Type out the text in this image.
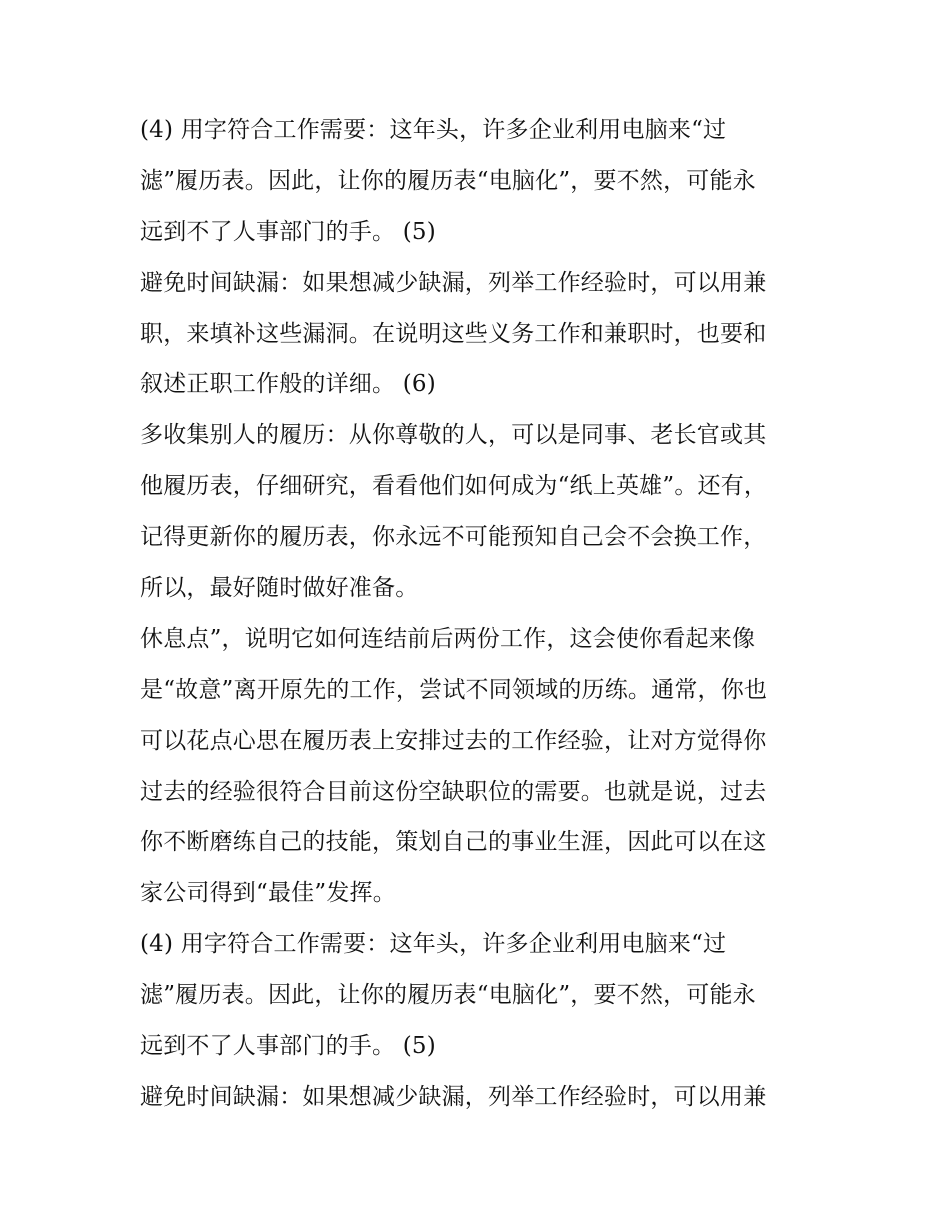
(4) 用字符合工作需要：这年头，许多企业利用电脑来“过
滤”履历表。因此，让你的履历表“电脑化”，要不然，可能永
远到不了人事部门的手。 (5)
避免时间缺漏：如果想减少缺漏，列举工作经验时，可以用兼
职，来填补这些漏洞。在说明这些义务工作和兼职时，也要和
叙述正职工作般的详细。 (6)
多收集别人的履历：从你尊敬的人，可以是同事、老长官或其
他履历表，仔细研究，看看他们如何成为“纸上英雄”。还有，
记得更新你的履历表，你永远不可能预知自己会不会换工作，
所以，最好随时做好准备。
休息点”，说明它如何连结前后两份工作，这会使你看起来像
是“故意”离开原先的工作，尝试不同领域的历练。通常，你也
可以花点心思在履历表上安排过去的工作经验，让对方觉得你
过去的经验很符合目前这份空缺职位的需要。也就是说，过去
你不断磨练自己的技能，策划自己的事业生涯，因此可以在这
家公司得到“最佳”发挥。
(4) 用字符合工作需要：这年头，许多企业利用电脑来“过
滤”履历表。因此，让你的履历表“电脑化”，要不然，可能永
远到不了人事部门的手。 (5)
避免时间缺漏：如果想减少缺漏，列举工作经验时，可以用兼
